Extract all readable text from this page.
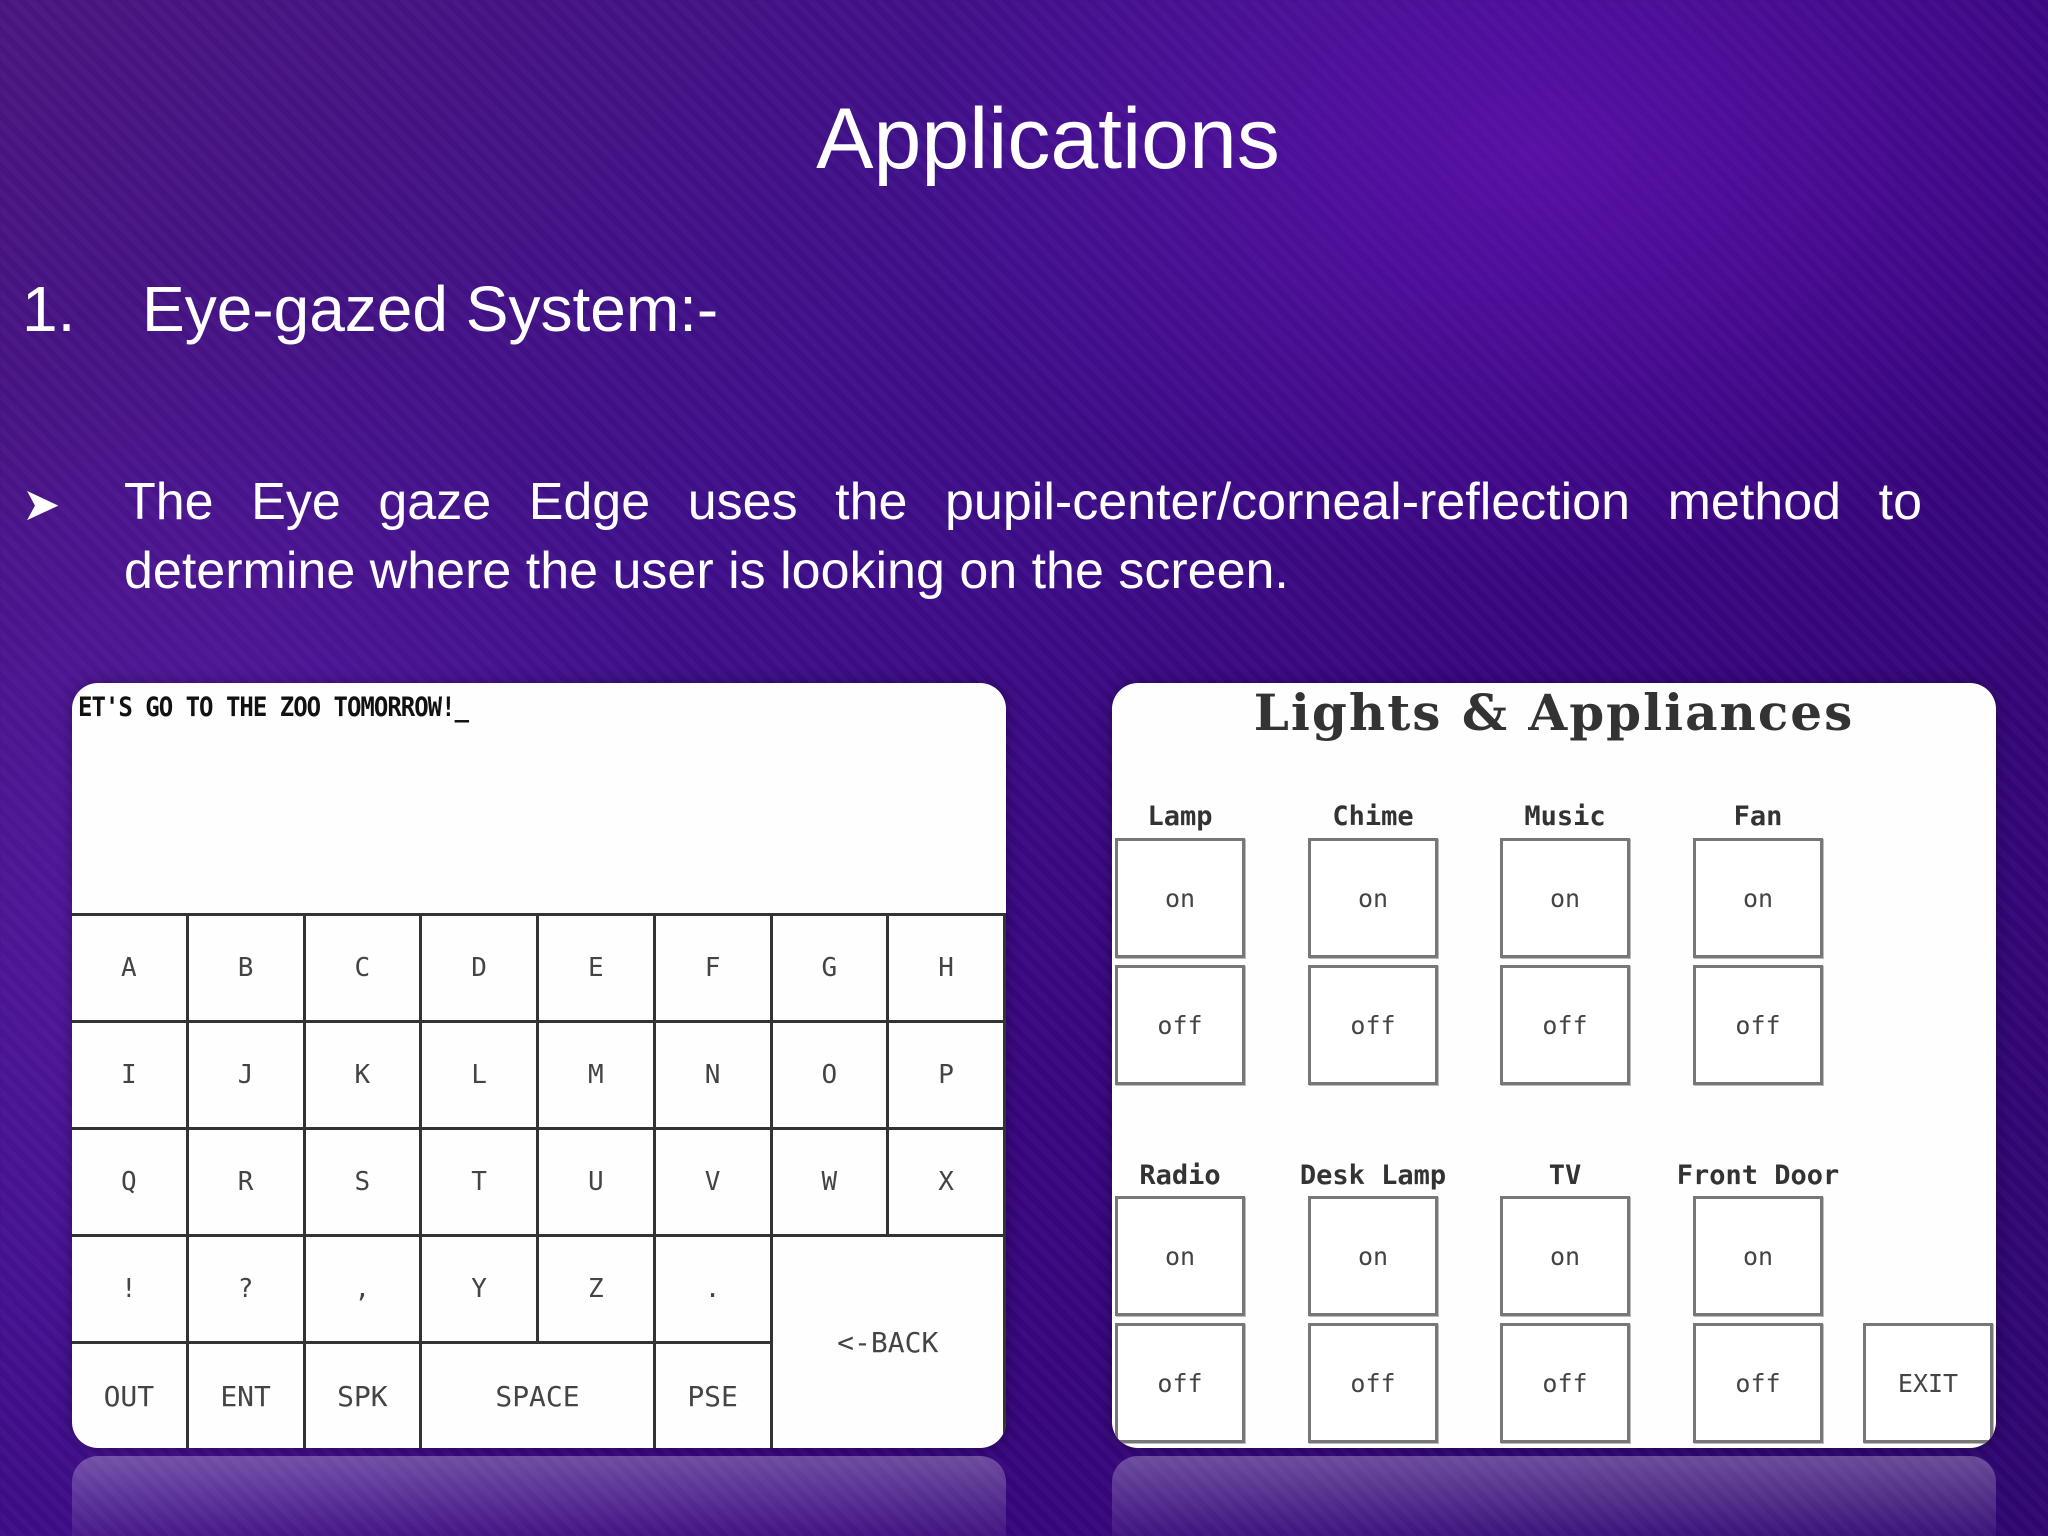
Applications
1.	Eye-gazed System:-
➤	The Eye gaze Edge uses the pupil-center/corneal-reflection method to determine where the user is looking on the screen.
ET'S GO TO THE ZOO TOMORROW!_
A	B	C	D	E	F	G	H
I	J	K	L	M	N	O	P
Q	R	S	T	U	V	W	X
!	?	,	Y	Z	.
OUT	ENT	SPK	SPACE	PSE
<-BACK
Lights & Appliances
Lamp
on
off
Chime
on
off
Music
on
off
Fan
on
off
Radio
on
off
Desk Lamp
on
off
TV
on
off
Front Door
on
off	EXIT
